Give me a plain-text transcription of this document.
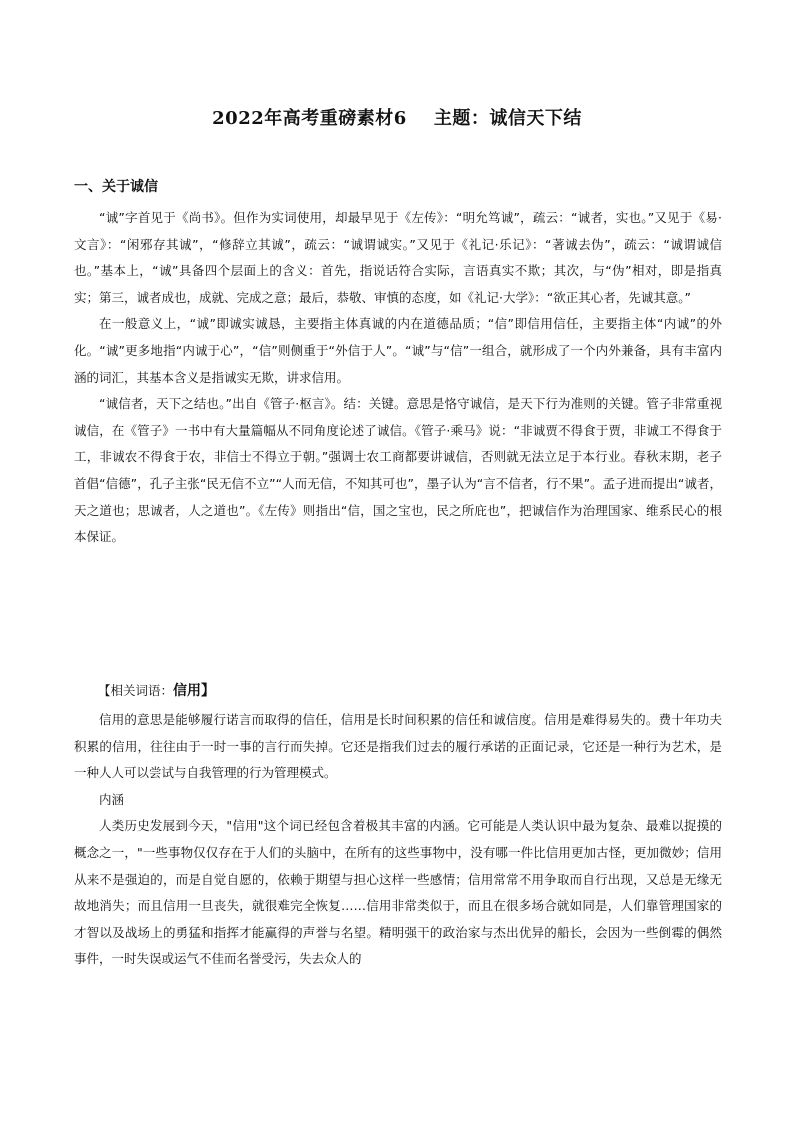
2022年高考重磅素材6    主题：诚信天下结
一、关于诚信

“诚”字首见于《尚书》。但作为实词使用，却最早见于《左传》：“明允笃诚”，疏云：“诚者，实也。”又见于《易·文言》：“闲邪存其诚”，“修辞立其诚”，疏云：“诚谓诚实。”又见于《礼记·乐记》：“著诚去伪”，疏云：“诚谓诚信也。”基本上，“诚”具备四个层面上的含义：首先，指说话符合实际，言语真实不欺；其次，与“伪”相对，即是指真实；第三，诚者成也，成就、完成之意；最后，恭敬、审慎的态度，如《礼记·大学》：“欲正其心者，先诚其意。”

在一般意义上，“诚”即诚实诚恳，主要指主体真诚的内在道德品质；“信”即信用信任，主要指主体“内诚”的外化。“诚”更多地指“内诚于心”，“信”则侧重于“外信于人”。“诚”与“信”一组合，就形成了一个内外兼备，具有丰富内涵的词汇，其基本含义是指诚实无欺，讲求信用。

“诚信者，天下之结也。”出自《管子·枢言》。结：关键。意思是恪守诚信，是天下行为准则的关键。管子非常重视诚信，在《管子》一书中有大量篇幅从不同角度论述了诚信。《管子·乘马》说：“非诚贾不得食于贾，非诚工不得食于工，非诚农不得食于农，非信士不得立于朝。”强调士农工商都要讲诚信，否则就无法立足于本行业。春秋末期，老子首倡“信德”，孔子主张“民无信不立”“人而无信，不知其可也”，墨子认为“言不信者，行不果”。孟子进而提出“诚者，天之道也；思诚者，人之道也”。《左传》则指出“信，国之宝也，民之所庇也”，把诚信作为治理国家、维系民心的根本保证。

【相关词语：信用】

信用的意思是能够履行诺言而取得的信任，信用是长时间积累的信任和诚信度。信用是难得易失的。费十年功夫积累的信用，往往由于一时一事的言行而失掉。它还是指我们过去的履行承诺的正面记录，它还是一种行为艺术，是一种人人可以尝试与自我管理的行为管理模式。

内涵

人类历史发展到今天，"信用"这个词已经包含着极其丰富的内涵。它可能是人类认识中最为复杂、最难以捉摸的概念之一，"一些事物仅仅存在于人们的头脑中，在所有的这些事物中，没有哪一件比信用更加古怪，更加微妙；信用从来不是强迫的，而是自觉自愿的，依赖于期望与担心这样一些感情；信用常常不用争取而自行出现，又总是无缘无故地消失；而且信用一旦丧失，就很难完全恢复……信用非常类似于，而且在很多场合就如同是，人们靠管理国家的才智以及战场上的勇猛和指挥才能赢得的声誉与名望。精明强干的政治家与杰出优异的船长，会因为一些倒霉的偶然事件，一时失误或运气不佳而名誉受污，失去众人的
